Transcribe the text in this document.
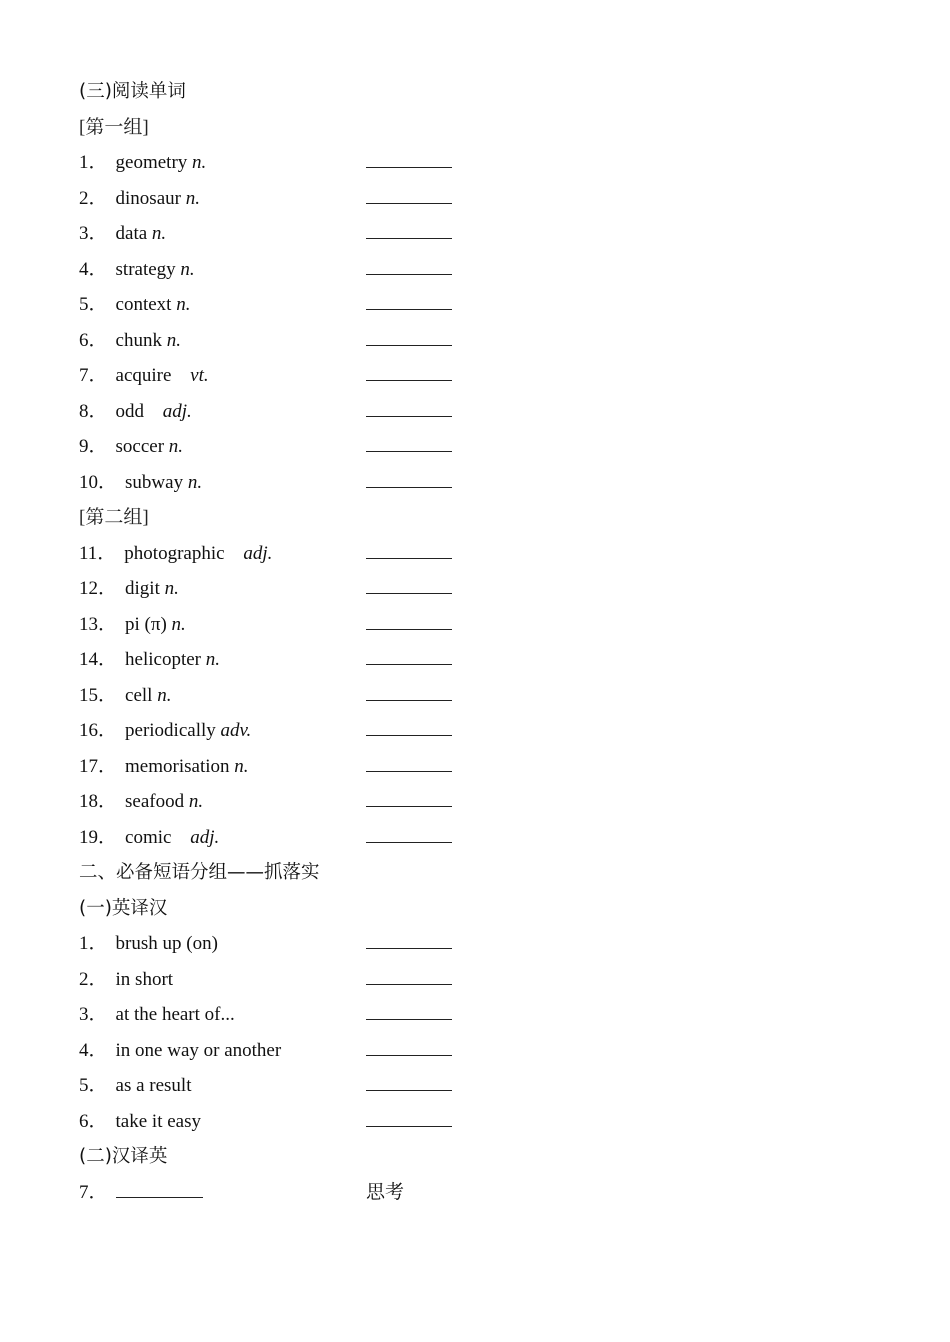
(三)阅读单词
[第一组]
1． geometry n.
2． dinosaur n.
3． data n.
4． strategy n.
5． context n.
6． chunk n.
7． acquire vt.
8． odd adj.
9． soccer n.
10． subway n.
[第二组]
11． photographic adj.
12． digit n.
13． pi (π) n.
14． helicopter n.
15． cell n.
16． periodically adv.
17． memorisation n.
18． seafood n.
19． comic adj.
二、必备短语分组——抓落实
(一)英译汉
1． brush up (on)
2． in short
3． at the heart of...
4． in one way or another
5． as a result
6． take it easy
(二)汉译英
7．	思考
